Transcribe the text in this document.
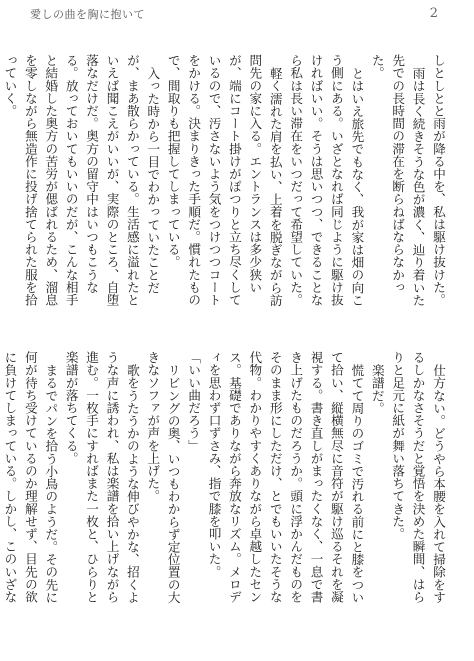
愛しの曲を胸に抱いて	2

しとしとと雨が降る中を、私は駆け抜けた。

雨は長く続きそうな色が濃く、辿り着いた先での長時間の滞在を断らねばならなかった。

とはいえ旅先でもなく、我が家は畑の向こう側にある。いざとなれば同じように駆け抜ければいい。そうは思いつつ、できることなら私は長い滞在をいつだって希望していた。

軽く濡れた肩を払い、上着を脱ぎながら訪問先の家に入る。エントランスは多少狭いが、端にコート掛けがぽつりと立ち尽くしているので、汚さないよう気をつけつつコートをかける。決まりきった手順だ。慣れたもので、間取りも把握してしまっている。

入った時から一目でわかっていたことだが、まあ散らかっている。生活感に溢れたといえば聞こえがいいが、実際のところ、自堕落なだけだ。奥方の留守中はいつもこうなる。放っておいてもいいのだが、こんな相手と結婚した奥方の苦労が偲ばれるため、溜息を零しながら無造作に投げ捨てられた服を拾っていく。

仕方ない。どうやら本腰を入れて掃除をするしかなさそうだと覚悟を決めた瞬間、はらりと足元に紙が舞い落ちてきた。

楽譜だ。

慌てて周りのゴミで汚れる前にと膝をついて拾い、縦横無尽に音符が駆け巡るそれを凝視する。書き直しがまったくなく、一息で書き上げたものだろうか。頭に浮かんだものをそのまま形にしただけ、とでもいいたそうな代物。わかりやすくありながら卓越したセンス。基礎でありながら奔放なリズム。メロディを思わず口ずさみ、指で膝を叩いた。

「いい曲だろう」

リビングの奥、いつもわからず定位置の大きなソファが声を上げた。

歌をうたうかのような伸びやかな、招くような声に誘われ、私は楽譜を拾い上げながら進む。一枚手にすればまた一枚と、ひらりと楽譜が落ちてくる。

まるでパンを拾う小鳥のようだ。その先に何が待ち受けているのか理解せず、目先の欲に負けてしまっている。しかし、このいざな
